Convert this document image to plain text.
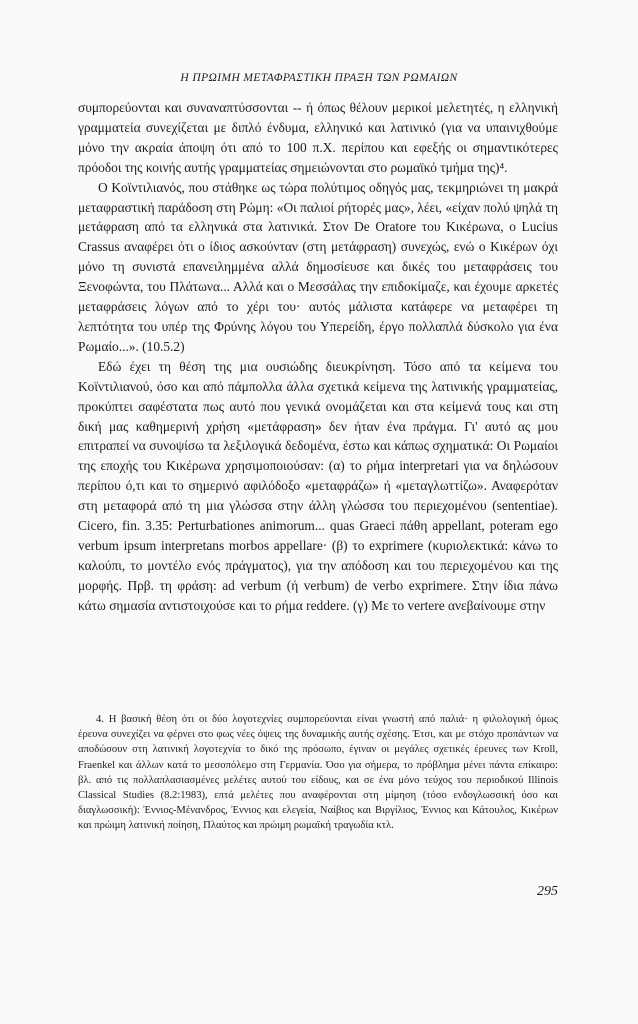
Η ΠΡΩΙΜΗ ΜΕΤΑΦΡΑΣΤΙΚΗ ΠΡΑΞΗ ΤΩΝ ΡΩΜΑΙΩΝ

συμπορεύονται και συναναπτύσσονται -- ή όπως θέλουν μερικοί μελετητές, η ελληνική γραμματεία συνεχίζεται με διπλό ένδυμα, ελληνικό και λατινικό (για να υπαινιχθούμε μόνο την ακραία άποψη ότι από το 100 π.Χ. περίπου και εφεξής οι σημαντικότερες πρόοδοι της κοινής αυτής γραμματείας σημειώνονται στο ρωμαϊκό τμήμα της)⁴.

Ο Κοϊντιλιανός, που στάθηκε ως τώρα πολύτιμος οδηγός μας, τεκμηριώνει τη μακρά μεταφραστική παράδοση στη Ρώμη: «Οι παλιοί ρήτορές μας», λέει, «είχαν πολύ ψηλά τη μετάφραση από τα ελληνικά στα λατινικά. Στον De Oratore του Κικέρωνα, ο Lucius Crassus αναφέρει ότι ο ίδιος ασκούνταν (στη μετάφραση) συνεχώς, ενώ ο Κικέρων όχι μόνο τη συνιστά επανειλημμένα αλλά δημοσίευσε και δικές του μεταφράσεις του Ξενοφώντα, του Πλάτωνα... Αλλά και ο Μεσσάλας την επιδοκίμαζε, και έχουμε αρκετές μεταφράσεις λόγων από το χέρι του· αυτός μάλιστα κατάφερε να μεταφέρει τη λεπτότητα του υπέρ της Φρύνης λόγου του Υπερείδη, έργο πολλαπλά δύσκολο για ένα Ρωμαίο...». (10.5.2)

Εδώ έχει τη θέση της μια ουσιώδης διευκρίνηση. Τόσο από τα κείμενα του Κοϊντιλιανού, όσο και από πάμπολλα άλλα σχετικά κείμενα της λατινικής γραμματείας, προκύπτει σαφέστατα πως αυτό που γενικά ονομάζεται και στα κείμενά τους και στη δική μας καθημερινή χρήση «μετάφραση» δεν ήταν ένα πράγμα. Γι' αυτό ας μου επιτραπεί να συνοψίσω τα λεξιλογικά δεδομένα, έστω και κάπως σχηματικά: Οι Ρωμαίοι της εποχής του Κικέρωνα χρησιμοποιούσαν: (α) το ρήμα interpretari για να δηλώσουν περίπου ό,τι και το σημερινό αφιλόδοξο «μεταφράζω» ή «μεταγλωττίζω». Αναφερόταν στη μεταφορά από τη μια γλώσσα στην άλλη γλώσσα του περιεχομένου (sententiae). Cicero, fin. 3.35: Perturbationes animorum... quas Graeci πάθη appellant, poteram ego verbum ipsum interpretans morbos appellare· (β) το exprimere (κυριολεκτικά: κάνω το καλούπι, το μοντέλο ενός πράγματος), για την απόδοση και του περιεχομένου και της μορφής. Πρβ. τη φράση: ad verbum (ή verbum) de verbo exprimere. Στην ίδια πάνω κάτω σημασία αντιστοιχούσε και το ρήμα reddere. (γ) Με το vertere ανεβαίνουμε στην

4. Η βασική θέση ότι οι δύο λογοτεχνίες συμπορεύονται είναι γνωστή από παλιά· η φιλολογική όμως έρευνα συνεχίζει να φέρνει στο φως νέες όψεις της δυναμικής αυτής σχέσης. Έτσι, και με στόχο προπάντων να αποδώσουν στη λατινική λογοτεχνία το δικό της πρόσωπο, έγιναν οι μεγάλες σχετικές έρευνες των Kroll, Fraenkel και άλλων κατά το μεσοπόλεμο στη Γερμανία. Όσο για σήμερα, το πρόβλημα μένει πάντα επίκαιρο: βλ. από τις πολλαπλασιασμένες μελέτες αυτού του είδους, και σε ένα μόνο τεύχος του περιοδικού Illinois Classical Studies (8.2:1983), επτά μελέτες που αναφέρονται στη μίμηση (τόσο ενδογλωσσική όσο και διαγλωσσική): Έννιος-Μένανδρος, Έννιος και ελεγεία, Ναίβιος και Βιργίλιος, Έννιος και Κάτουλος, Κικέρων και πρώιμη λατινική ποίηση, Πλαύτος και πρώιμη ρωμαϊκή τραγωδία κτλ.

295
